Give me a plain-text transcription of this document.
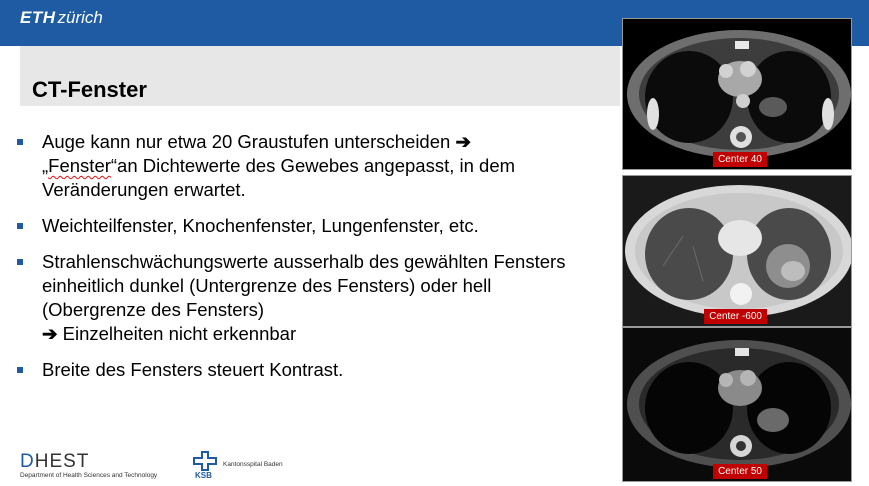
ETH zürich
CT-Fenster
Auge kann nur etwa 20 Graustufen unterscheiden ➔
„Fenster“an Dichtewerte des Gewebes angepasst, in dem Veränderungen erwartet.
Weichteilfenster, Knochenfenster, Lungenfenster, etc.
Strahlenschwächungswerte ausserhalb des gewählten Fensters einheitlich dunkel (Untergrenze des Fensters) oder hell (Obergrenze des Fensters)
➔ Einzelheiten nicht erkennbar
Breite des Fensters steuert Kontrast.
Center 40
Center -600
Center 50
DHEST
Department of Health Sciences and Technology
Kantonsspital Baden
KSB
